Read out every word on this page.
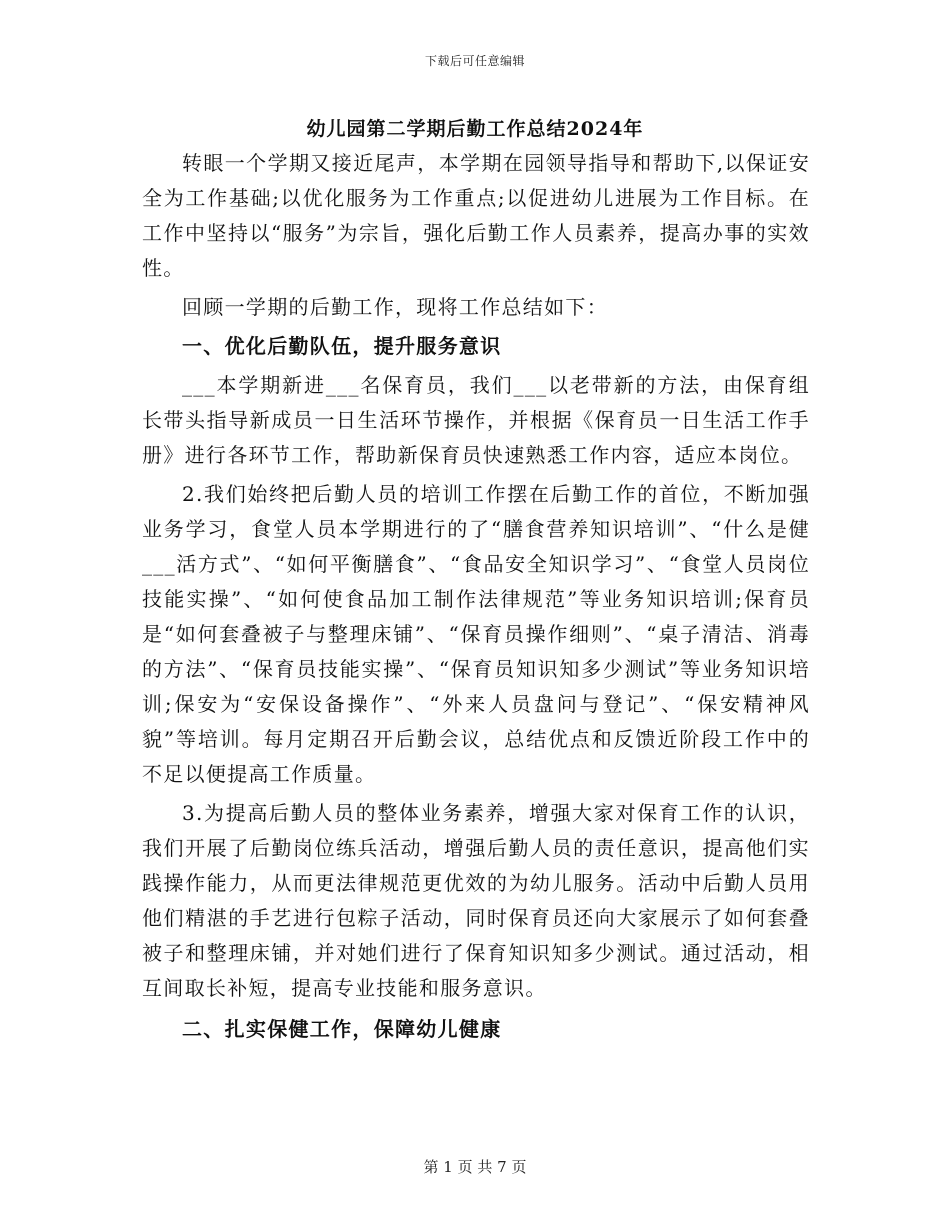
下载后可任意编辑
幼儿园第二学期后勤工作总结2024年

转眼一个学期又接近尾声，本学期在园领导指导和帮助下,以保证安全为工作基础;以优化服务为工作重点;以促进幼儿进展为工作目标。在工作中坚持以“服务”为宗旨，强化后勤工作人员素养，提高办事的实效性。

回顾一学期的后勤工作，现将工作总结如下：

一、优化后勤队伍，提升服务意识

___本学期新进___名保育员，我们___以老带新的方法，由保育组长带头指导新成员一日生活环节操作，并根据《保育员一日生活工作手册》进行各环节工作，帮助新保育员快速熟悉工作内容，适应本岗位。

2.我们始终把后勤人员的培训工作摆在后勤工作的首位，不断加强业务学习，食堂人员本学期进行的了“膳食营养知识培训”、“什么是健___活方式”、“如何平衡膳食”、“食品安全知识学习”、“食堂人员岗位技能实操”、“如何使食品加工制作法律规范”等业务知识培训;保育员是“如何套叠被子与整理床铺”、“保育员操作细则”、“桌子清洁、消毒的方法”、“保育员技能实操”、“保育员知识知多少测试”等业务知识培训;保安为“安保设备操作”、“外来人员盘问与登记”、“保安精神风貌”等培训。每月定期召开后勤会议，总结优点和反馈近阶段工作中的不足以便提高工作质量。

3.为提高后勤人员的整体业务素养，增强大家对保育工作的认识，我们开展了后勤岗位练兵活动，增强后勤人员的责任意识，提高他们实践操作能力，从而更法律规范更优效的为幼儿服务。活动中后勤人员用他们精湛的手艺进行包粽子活动，同时保育员还向大家展示了如何套叠被子和整理床铺，并对她们进行了保育知识知多少测试。通过活动，相互间取长补短，提高专业技能和服务意识。

二、扎实保健工作，保障幼儿健康

第 1 页 共 7 页
